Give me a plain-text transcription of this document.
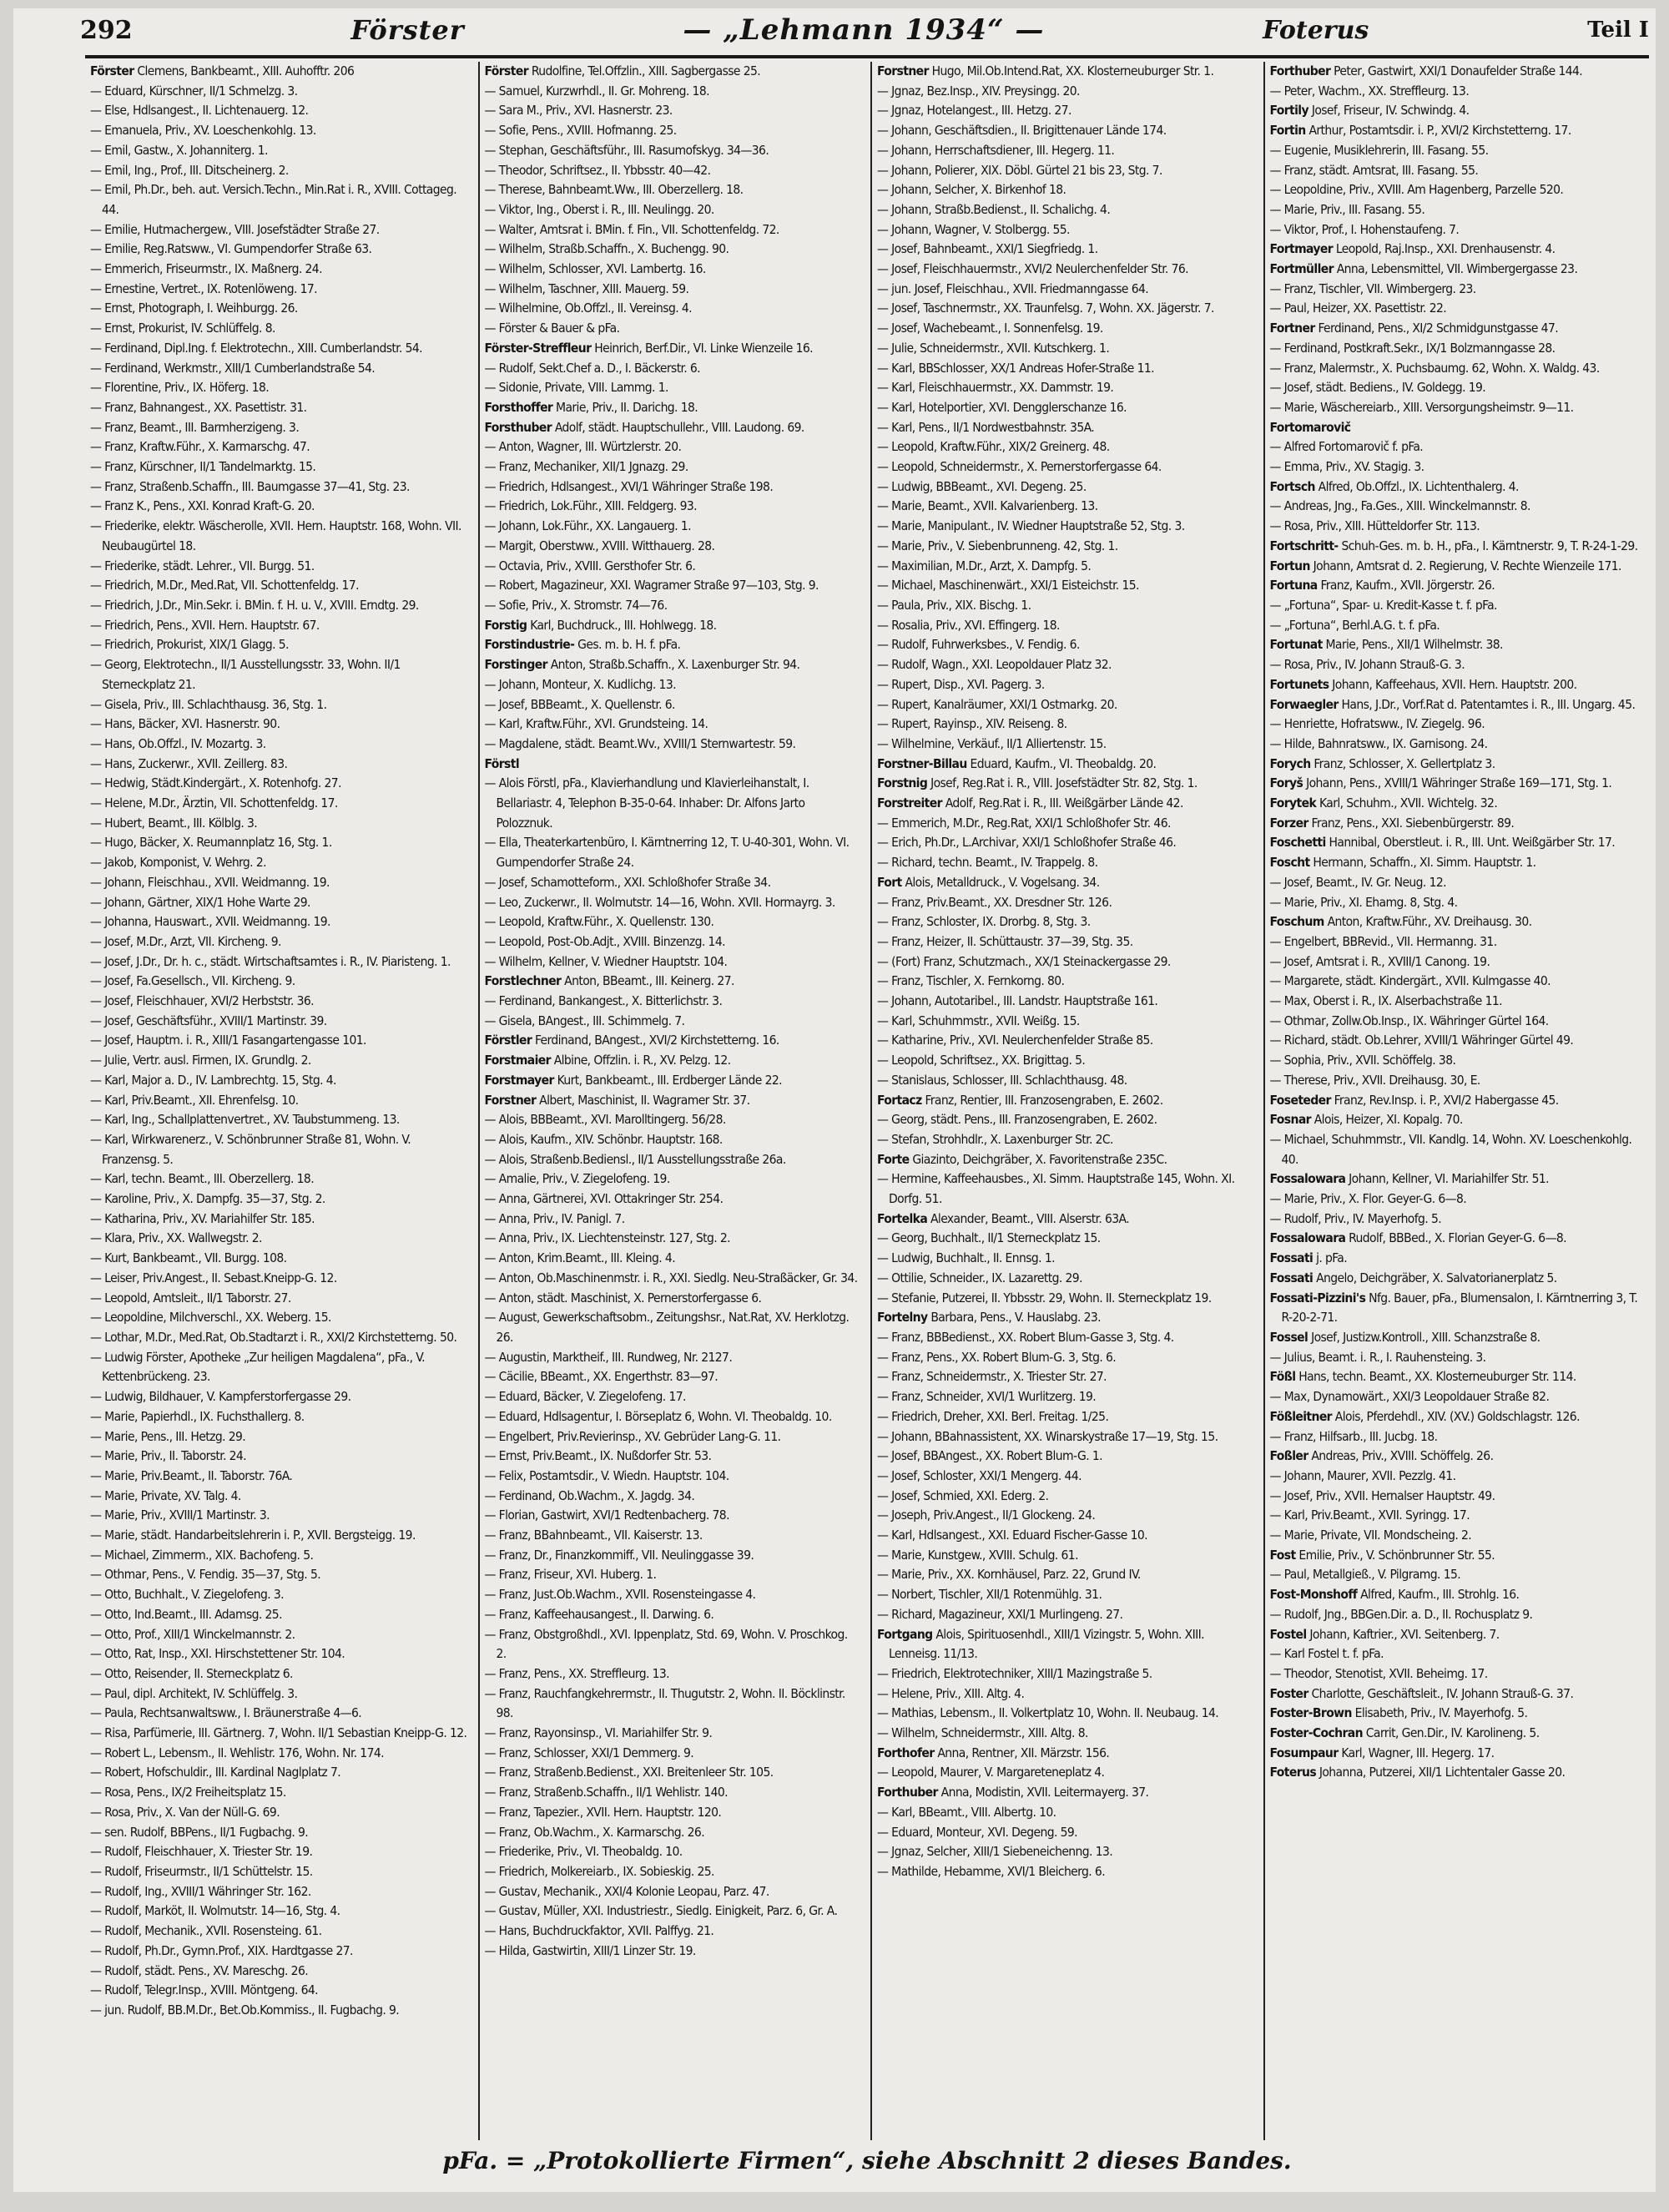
292	Förster	— „Lehmann 1934“ —	Foterus	Teil I

Förster Clemens, Bankbeamt., XIII. Auhofftr. 206

— Eduard, Kürschner, II/1 Schmelzg. 3.

— Else, Hdlsangest., II. Lichtenauerg. 12.

— Emanuela, Priv., XV. Loeschenkohlg. 13.

— Emil, Gastw., X. Johanniterg. 1.

— Emil, Ing., Prof., III. Ditscheinerg. 2.

— Emil, Ph.Dr., beh. aut. Versich.Techn., Min.Rat i. R., XVIII. Cottageg. 44.

— Emilie, Hutmachergew., VIII. Josefstädter Straße 27.

— Emilie, Reg.Ratsww., VI. Gumpendorfer Straße 63.

— Emmerich, Friseurmstr., IX. Maßnerg. 24.

— Ernestine, Vertret., IX. Rotenlöweng. 17.

— Ernst, Photograph, I. Weihburgg. 26.

— Ernst, Prokurist, IV. Schlüffelg. 8.

— Ferdinand, Dipl.Ing. f. Elektrotechn., XIII. Cumberlandstr. 54.

— Ferdinand, Werkmstr., XIII/1 Cumberlandstraße 54.

— Florentine, Priv., IX. Höferg. 18.

— Franz, Bahnangest., XX. Pasettistr. 31.

— Franz, Beamt., III. Barmherzigeng. 3.

— Franz, Kraftw.Führ., X. Karmarschg. 47.

— Franz, Kürschner, II/1 Tandelmarktg. 15.

— Franz, Straßenb.Schaffn., III. Baumgasse 37—41, Stg. 23.

— Franz K., Pens., XXI. Konrad Kraft-G. 20.

— Friederike, elektr. Wäscherolle, XVII. Hern. Hauptstr. 168, Wohn. VII. Neubaugürtel 18.

— Friederike, städt. Lehrer., VII. Burgg. 51.

— Friedrich, M.Dr., Med.Rat, VII. Schottenfeldg. 17.

— Friedrich, J.Dr., Min.Sekr. i. BMin. f. H. u. V., XVIII. Erndtg. 29.

— Friedrich, Pens., XVII. Hern. Hauptstr. 67.

— Friedrich, Prokurist, XIX/1 Glagg. 5.

— Georg, Elektrotechn., II/1 Ausstellungsstr. 33, Wohn. II/1 Sterneckplatz 21.

— Gisela, Priv., III. Schlachthausg. 36, Stg. 1.

— Hans, Bäcker, XVI. Hasnerstr. 90.

— Hans, Ob.Offzl., IV. Mozartg. 3.

— Hans, Zuckerwr., XVII. Zeillerg. 83.

— Hedwig, Städt.Kindergärt., X. Rotenhofg. 27.

— Helene, M.Dr., Ärztin, VII. Schottenfeldg. 17.

— Hubert, Beamt., III. Kölblg. 3.

— Hugo, Bäcker, X. Reumannplatz 16, Stg. 1.

— Jakob, Komponist, V. Wehrg. 2.

— Johann, Fleischhau., XVII. Weidmanng. 19.

— Johann, Gärtner, XIX/1 Hohe Warte 29.

— Johanna, Hauswart., XVII. Weidmanng. 19.

— Josef, M.Dr., Arzt, VII. Kircheng. 9.

— Josef, J.Dr., Dr. h. c., städt. Wirtschaftsamtes i. R., IV. Piaristeng. 1.

— Josef, Fa.Gesellsch., VII. Kircheng. 9.

— Josef, Fleischhauer, XVI/2 Herbststr. 36.

— Josef, Geschäftsführ., XVIII/1 Martinstr. 39.

— Josef, Hauptm. i. R., XIII/1 Fasangartengasse 101.

— Julie, Vertr. ausl. Firmen, IX. Grundlg. 2.

— Karl, Major a. D., IV. Lambrechtg. 15, Stg. 4.

— Karl, Priv.Beamt., XII. Ehrenfelsg. 10.

— Karl, Ing., Schallplattenvertret., XV. Taubstummeng. 13.

— Karl, Wirkwarenerz., V. Schönbrunner Straße 81, Wohn. V. Franzensg. 5.

— Karl, techn. Beamt., III. Oberzellerg. 18.

— Karoline, Priv., X. Dampfg. 35—37, Stg. 2.

— Katharina, Priv., XV. Mariahilfer Str. 185.

— Klara, Priv., XX. Wallwegstr. 2.

— Kurt, Bankbeamt., VII. Burgg. 108.

— Leiser, Priv.Angest., II. Sebast.Kneipp-G. 12.

— Leopold, Amtsleit., II/1 Taborstr. 27.

— Leopoldine, Milchverschl., XX. Weberg. 15.

— Lothar, M.Dr., Med.Rat, Ob.Stadtarzt i. R., XXI/2 Kirchstetterng. 50.

— Ludwig Förster, Apotheke „Zur heiligen Magdalena“, pFa., V. Kettenbrückeng. 23.

— Ludwig, Bildhauer, V. Kampferstorfergasse 29.

— Marie, Papierhdl., IX. Fuchsthallerg. 8.

— Marie, Pens., III. Hetzg. 29.

— Marie, Priv., II. Taborstr. 24.

— Marie, Priv.Beamt., II. Taborstr. 76A.

— Marie, Private, XV. Talg. 4.

— Marie, Priv., XVIII/1 Martinstr. 3.

— Marie, städt. Handarbeitslehrerin i. P., XVII. Bergsteigg. 19.

— Michael, Zimmerm., XIX. Bachofeng. 5.

— Othmar, Pens., V. Fendig. 35—37, Stg. 5.

— Otto, Buchhalt., V. Ziegelofeng. 3.

— Otto, Ind.Beamt., III. Adamsg. 25.

— Otto, Prof., XIII/1 Winckelmannstr. 2.

— Otto, Rat, Insp., XXI. Hirschstettener Str. 104.

— Otto, Reisender, II. Sterneckplatz 6.

— Paul, dipl. Architekt, IV. Schlüffelg. 3.

— Paula, Rechtsanwaltsww., I. Bräunerstraße 4—6.

— Risa, Parfümerie, III. Gärtnerg. 7, Wohn. II/1 Sebastian Kneipp-G. 12.

— Robert L., Lebensm., II. Wehlistr. 176, Wohn. Nr. 174.

— Robert, Hofschuldir., III. Kardinal Naglplatz 7.

— Rosa, Pens., IX/2 Freiheitsplatz 15.

— Rosa, Priv., X. Van der Nüll-G. 69.

— sen. Rudolf, BBPens., II/1 Fugbachg. 9.

— Rudolf, Fleischhauer, X. Triester Str. 19.

— Rudolf, Friseurmstr., II/1 Schüttelstr. 15.

— Rudolf, Ing., XVIII/1 Währinger Str. 162.

— Rudolf, Marköt, II. Wolmutstr. 14—16, Stg. 4.

— Rudolf, Mechanik., XVII. Rosensteing. 61.

— Rudolf, Ph.Dr., Gymn.Prof., XIX. Hardtgasse 27.

— Rudolf, städt. Pens., XV. Mareschg. 26.

— Rudolf, Telegr.Insp., XVIII. Möntgeng. 64.

— jun. Rudolf, BB.M.Dr., Bet.Ob.Kommiss., II. Fugbachg. 9.

Förster Rudolfine, Tel.Offzlin., XIII. Sagbergasse 25.

— Samuel, Kurzwrhdl., II. Gr. Mohreng. 18.

— Sara M., Priv., XVI. Hasnerstr. 23.

— Sofie, Pens., XVIII. Hofmanng. 25.

— Stephan, Geschäftsführ., III. Rasumofskyg. 34—36.

— Theodor, Schriftsez., II. Ybbsstr. 40—42.

— Therese, Bahnbeamt.Ww., III. Oberzellerg. 18.

— Viktor, Ing., Oberst i. R., III. Neulingg. 20.

— Walter, Amtsrat i. BMin. f. Fin., VII. Schottenfeldg. 72.

— Wilhelm, Straßb.Schaffn., X. Buchengg. 90.

— Wilhelm, Schlosser, XVI. Lambertg. 16.

— Wilhelm, Taschner, XIII. Mauerg. 59.

— Wilhelmine, Ob.Offzl., II. Vereinsg. 4.

— Förster & Bauer & pFa.

Förster-Streffleur Heinrich, Berf.Dir., VI. Linke Wienzeile 16.

— Rudolf, Sekt.Chef a. D., I. Bäckerstr. 6.

— Sidonie, Private, VIII. Lammg. 1.

Forsthoffer Marie, Priv., II. Darichg. 18.

Forsthuber Adolf, städt. Hauptschullehr., VIII. Laudong. 69.

— Anton, Wagner, III. Würtzlerstr. 20.

— Franz, Mechaniker, XII/1 Jgnazg. 29.

— Friedrich, Hdlsangest., XVI/1 Währinger Straße 198.

— Friedrich, Lok.Führ., XIII. Feldgerg. 93.

— Johann, Lok.Führ., XX. Langauerg. 1.

— Margit, Oberstww., XVIII. Witthauerg. 28.

— Octavia, Priv., XVIII. Gersthofer Str. 6.

— Robert, Magazineur, XXI. Wagramer Straße 97—103, Stg. 9.

— Sofie, Priv., X. Stromstr. 74—76.

Forstig Karl, Buchdruck., III. Hohlwegg. 18.

Forstindustrie- Ges. m. b. H. f. pFa.

Forstinger Anton, Straßb.Schaffn., X. Laxenburger Str. 94.

— Johann, Monteur, X. Kudlichg. 13.

— Josef, BBBeamt., X. Quellenstr. 6.

— Karl, Kraftw.Führ., XVI. Grundsteing. 14.

— Magdalene, städt. Beamt.Wv., XVIII/1 Sternwartestr. 59.

Förstl

— Alois Förstl, pFa., Klavierhandlung und Klavierleihanstalt, I. Bellariastr. 4, Telephon B-35-0-64. Inhaber: Dr. Alfons Jarto Polozznuk.

— Ella, Theaterkartenbüro, I. Kärntnerring 12, T. U-40-301, Wohn. VI. Gumpendorfer Straße 24.

— Josef, Schamotteform., XXI. Schloßhofer Straße 34.

— Leo, Zuckerwr., II. Wolmutstr. 14—16, Wohn. XVII. Hormayrg. 3.

— Leopold, Kraftw.Führ., X. Quellenstr. 130.

— Leopold, Post-Ob.Adjt., XVIII. Binzenzg. 14.

— Wilhelm, Kellner, V. Wiedner Hauptstr. 104.

Forstlechner Anton, BBeamt., III. Keinerg. 27.

— Ferdinand, Bankangest., X. Bitterlichstr. 3.

— Gisela, BAngest., III. Schimmelg. 7.

Förstler Ferdinand, BAngest., XVI/2 Kirchstetterng. 16.

Forstmaier Albine, Offzlin. i. R., XV. Pelzg. 12.

Forstmayer Kurt, Bankbeamt., III. Erdberger Lände 22.

Forstner Albert, Maschinist, II. Wagramer Str. 37.

— Alois, BBBeamt., XVI. Marolltingerg. 56/28.

— Alois, Kaufm., XIV. Schönbr. Hauptstr. 168.

— Alois, Straßenb.Bediensl., II/1 Ausstellungsstraße 26a.

— Amalie, Priv., V. Ziegelofeng. 19.

— Anna, Gärtnerei, XVI. Ottakringer Str. 254.

— Anna, Priv., IV. Panigl. 7.

— Anna, Priv., IX. Liechtensteinstr. 127, Stg. 2.

— Anton, Krim.Beamt., III. Kleing. 4.

— Anton, Ob.Maschinenmstr. i. R., XXI. Siedlg. Neu-Straßäcker, Gr. 34.

— Anton, städt. Maschinist, X. Pernerstorfergasse 6.

— August, Gewerkschaftsobm., Zeitungshsr., Nat.Rat, XV. Herklotzg. 26.

— Augustin, Marktheif., III. Rundweg, Nr. 2127.

— Cäcilie, BBeamt., XX. Engerthstr. 83—97.

— Eduard, Bäcker, V. Ziegelofeng. 17.

— Eduard, Hdlsagentur, I. Börseplatz 6, Wohn. VI. Theobaldg. 10.

— Engelbert, Priv.Revierinsp., XV. Gebrüder Lang-G. 11.

— Ernst, Priv.Beamt., IX. Nußdorfer Str. 53.

— Felix, Postamtsdir., V. Wiedn. Hauptstr. 104.

— Ferdinand, Ob.Wachm., X. Jagdg. 34.

— Florian, Gastwirt, XVI/1 Redtenbacherg. 78.

— Franz, BBahnbeamt., VII. Kaiserstr. 13.

— Franz, Dr., Finanzkommiff., VII. Neulinggasse 39.

— Franz, Friseur, XVI. Huberg. 1.

— Franz, Just.Ob.Wachm., XVII. Rosensteingasse 4.

— Franz, Kaffeehausangest., II. Darwing. 6.

— Franz, Obstgroßhdl., XVI. Ippenplatz, Std. 69, Wohn. V. Proschkog. 2.

— Franz, Pens., XX. Streffleurg. 13.

— Franz, Rauchfangkehrermstr., II. Thugutstr. 2, Wohn. II. Böcklinstr. 98.

— Franz, Rayonsinsp., VI. Mariahilfer Str. 9.

— Franz, Schlosser, XXI/1 Demmerg. 9.

— Franz, Straßenb.Bedienst., XXI. Breitenleer Str. 105.

— Franz, Straßenb.Schaffn., II/1 Wehlistr. 140.

— Franz, Tapezier., XVII. Hern. Hauptstr. 120.

— Franz, Ob.Wachm., X. Karmarschg. 26.

— Friederike, Priv., VI. Theobaldg. 10.

— Friedrich, Molkereiarb., IX. Sobieskig. 25.

— Gustav, Mechanik., XXI/4 Kolonie Leopau, Parz. 47.

— Gustav, Müller, XXI. Industriestr., Siedlg. Einigkeit, Parz. 6, Gr. A.

— Hans, Buchdruckfaktor, XVII. Palffyg. 21.

— Hilda, Gastwirtin, XIII/1 Linzer Str. 19.

Forstner Hugo, Mil.Ob.Intend.Rat, XX. Klosterneuburger Str. 1.

— Jgnaz, Bez.Insp., XIV. Preysingg. 20.

— Jgnaz, Hotelangest., III. Hetzg. 27.

— Johann, Geschäftsdien., II. Brigittenauer Lände 174.

— Johann, Herrschaftsdiener, III. Hegerg. 11.

— Johann, Polierer, XIX. Döbl. Gürtel 21 bis 23, Stg. 7.

— Johann, Selcher, X. Birkenhof 18.

— Johann, Straßb.Bedienst., II. Schalichg. 4.

— Johann, Wagner, V. Stolbergg. 55.

— Josef, Bahnbeamt., XXI/1 Siegfriedg. 1.

— Josef, Fleischhauermstr., XVI/2 Neulerchenfelder Str. 76.

— jun. Josef, Fleischhau., XVII. Friedmanngasse 64.

— Josef, Taschnermstr., XX. Traunfelsg. 7, Wohn. XX. Jägerstr. 7.

— Josef, Wachebeamt., I. Sonnenfelsg. 19.

— Julie, Schneidermstr., XVII. Kutschkerg. 1.

— Karl, BBSchlosser, XX/1 Andreas Hofer-Straße 11.

— Karl, Fleischhauermstr., XX. Dammstr. 19.

— Karl, Hotelportier, XVI. Dengglerschanze 16.

— Karl, Pens., II/1 Nordwestbahnstr. 35A.

— Leopold, Kraftw.Führ., XIX/2 Greinerg. 48.

— Leopold, Schneidermstr., X. Pernerstorfergasse 64.

— Ludwig, BBBeamt., XVI. Degeng. 25.

— Marie, Beamt., XVII. Kalvarienberg. 13.

— Marie, Manipulant., IV. Wiedner Hauptstraße 52, Stg. 3.

— Marie, Priv., V. Siebenbrunneng. 42, Stg. 1.

— Maximilian, M.Dr., Arzt, X. Dampfg. 5.

— Michael, Maschinenwärt., XXI/1 Eisteichstr. 15.

— Paula, Priv., XIX. Bischg. 1.

— Rosalia, Priv., XVI. Effingerg. 18.

— Rudolf, Fuhrwerksbes., V. Fendig. 6.

— Rudolf, Wagn., XXI. Leopoldauer Platz 32.

— Rupert, Disp., XVI. Pagerg. 3.

— Rupert, Kanalräumer, XXI/1 Ostmarkg. 20.

— Rupert, Rayinsp., XIV. Reiseng. 8.

— Wilhelmine, Verkäuf., II/1 Alliertenstr. 15.

Forstner-Billau Eduard, Kaufm., VI. Theobaldg. 20.

Forstnig Josef, Reg.Rat i. R., VIII. Josefstädter Str. 82, Stg. 1.

Forstreiter Adolf, Reg.Rat i. R., III. Weißgärber Lände 42.

— Emmerich, M.Dr., Reg.Rat, XXI/1 Schloßhofer Str. 46.

— Erich, Ph.Dr., L.Archivar, XXI/1 Schloßhofer Straße 46.

— Richard, techn. Beamt., IV. Trappelg. 8.

Fort Alois, Metalldruck., V. Vogelsang. 34.

— Franz, Priv.Beamt., XX. Dresdner Str. 126.

— Franz, Schloster, IX. Drorbg. 8, Stg. 3.

— Franz, Heizer, II. Schüttaustr. 37—39, Stg. 35.

— (Fort) Franz, Schutzmach., XX/1 Steinackergasse 29.

— Franz, Tischler, X. Fernkorng. 80.

— Johann, Autotaribel., III. Landstr. Hauptstraße 161.

— Karl, Schuhmmstr., XVII. Weißg. 15.

— Katharine, Priv., XVI. Neulerchenfelder Straße 85.

— Leopold, Schriftsez., XX. Brigittag. 5.

— Stanislaus, Schlosser, III. Schlachthausg. 48.

Fortacz Franz, Rentier, III. Franzosengraben, E. 2602.

— Georg, städt. Pens., III. Franzosengraben, E. 2602.

— Stefan, Strohhdlr., X. Laxenburger Str. 2C.

Forte Giazinto, Deichgräber, X. Favoritenstraße 235C.

— Hermine, Kaffeehausbes., XI. Simm. Hauptstraße 145, Wohn. XI. Dorfg. 51.

Fortelka Alexander, Beamt., VIII. Alserstr. 63A.

— Georg, Buchhalt., II/1 Sterneckplatz 15.

— Ludwig, Buchhalt., II. Ennsg. 1.

— Ottilie, Schneider., IX. Lazarettg. 29.

— Stefanie, Putzerei, II. Ybbsstr. 29, Wohn. II. Sterneckplatz 19.

Fortelny Barbara, Pens., V. Hauslabg. 23.

— Franz, BBBedienst., XX. Robert Blum-Gasse 3, Stg. 4.

— Franz, Pens., XX. Robert Blum-G. 3, Stg. 6.

— Franz, Schneidermstr., X. Triester Str. 27.

— Franz, Schneider, XVI/1 Wurlitzerg. 19.

— Friedrich, Dreher, XXI. Berl. Freitag. 1/25.

— Johann, BBahnassistent, XX. Winarskystraße 17—19, Stg. 15.

— Josef, BBAngest., XX. Robert Blum-G. 1.

— Josef, Schloster, XXI/1 Mengerg. 44.

— Josef, Schmied, XXI. Ederg. 2.

— Joseph, Priv.Angest., II/1 Glockeng. 24.

— Karl, Hdlsangest., XXI. Eduard Fischer-Gasse 10.

— Marie, Kunstgew., XVIII. Schulg. 61.

— Marie, Priv., XX. Kornhäusel, Parz. 22, Grund IV.

— Norbert, Tischler, XII/1 Rotenmühlg. 31.

— Richard, Magazineur, XXI/1 Murlingeng. 27.

Fortgang Alois, Spirituosenhdl., XIII/1 Vizingstr. 5, Wohn. XIII. Lenneisg. 11/13.

— Friedrich, Elektrotechniker, XIII/1 Mazingstraße 5.

— Helene, Priv., XIII. Altg. 4.

— Mathias, Lebensm., II. Volkertplatz 10, Wohn. II. Neubaug. 14.

— Wilhelm, Schneidermstr., XIII. Altg. 8.

Forthofer Anna, Rentner, XII. Märzstr. 156.

— Leopold, Maurer, V. Margareteneplatz 4.

Forthuber Anna, Modistin, XVII. Leitermayerg. 37.

— Karl, BBeamt., VIII. Albertg. 10.

— Eduard, Monteur, XVI. Degeng. 59.

— Jgnaz, Selcher, XIII/1 Siebeneichenng. 13.

— Mathilde, Hebamme, XVI/1 Bleicherg. 6.

Forthuber Peter, Gastwirt, XXI/1 Donaufelder Straße 144.

— Peter, Wachm., XX. Streffleurg. 13.

Fortily Josef, Friseur, IV. Schwindg. 4.

Fortin Arthur, Postamtsdir. i. P., XVI/2 Kirchstetterng. 17.

— Eugenie, Musiklehrerin, III. Fasang. 55.

— Franz, städt. Amtsrat, III. Fasang. 55.

— Leopoldine, Priv., XVIII. Am Hagenberg, Parzelle 520.

— Marie, Priv., III. Fasang. 55.

— Viktor, Prof., I. Hohenstaufeng. 7.

Fortmayer Leopold, Raj.Insp., XXI. Drenhausenstr. 4.

Fortmüller Anna, Lebensmittel, VII. Wimbergergasse 23.

— Franz, Tischler, VII. Wimbergerg. 23.

— Paul, Heizer, XX. Pasettistr. 22.

Fortner Ferdinand, Pens., XI/2 Schmidgunstgasse 47.

— Ferdinand, Postkraft.Sekr., IX/1 Bolzmanngasse 28.

— Franz, Malermstr., X. Puchsbaumg. 62, Wohn. X. Waldg. 43.

— Josef, städt. Bediens., IV. Goldegg. 19.

— Marie, Wäschereiarb., XIII. Versorgungsheimstr. 9—11.

Fortomarovič

— Alfred Fortomarovič f. pFa.

— Emma, Priv., XV. Stagig. 3.

Fortsch Alfred, Ob.Offzl., IX. Lichtenthalerg. 4.

— Andreas, Jng., Fa.Ges., XIII. Winckelmannstr. 8.

— Rosa, Priv., XIII. Hütteldorfer Str. 113.

Fortschritt- Schuh-Ges. m. b. H., pFa., I. Kärntnerstr. 9, T. R-24-1-29.

Fortun Johann, Amtsrat d. 2. Regierung, V. Rechte Wienzeile 171.

Fortuna Franz, Kaufm., XVII. Jörgerstr. 26.

— „Fortuna“, Spar- u. Kredit-Kasse t. f. pFa.

— „Fortuna“, Berhl.A.G. t. f. pFa.

Fortunat Marie, Pens., XII/1 Wilhelmstr. 38.

— Rosa, Priv., IV. Johann Strauß-G. 3.

Fortunets Johann, Kaffeehaus, XVII. Hern. Hauptstr. 200.

Forwaegler Hans, J.Dr., Vorf.Rat d. Patentamtes i. R., III. Ungarg. 45.

— Henriette, Hofratsww., IV. Ziegelg. 96.

— Hilde, Bahnratsww., IX. Garnisong. 24.

Forych Franz, Schlosser, X. Gellertplatz 3.

Foryš Johann, Pens., XVIII/1 Währinger Straße 169—171, Stg. 1.

Forytek Karl, Schuhm., XVII. Wichtelg. 32.

Forzer Franz, Pens., XXI. Siebenbürgerstr. 89.

Foschetti Hannibal, Oberstleut. i. R., III. Unt. Weißgärber Str. 17.

Foscht Hermann, Schaffn., XI. Simm. Hauptstr. 1.

— Josef, Beamt., IV. Gr. Neug. 12.

— Marie, Priv., XI. Ehamg. 8, Stg. 4.

Foschum Anton, Kraftw.Führ., XV. Dreihausg. 30.

— Engelbert, BBRevid., VII. Hermanng. 31.

— Josef, Amtsrat i. R., XVIII/1 Canong. 19.

— Margarete, städt. Kindergärt., XVII. Kulmgasse 40.

— Max, Oberst i. R., IX. Alserbachstraße 11.

— Othmar, Zollw.Ob.Insp., IX. Währinger Gürtel 164.

— Richard, städt. Ob.Lehrer, XVIII/1 Währinger Gürtel 49.

— Sophia, Priv., XVII. Schöffelg. 38.

— Therese, Priv., XVII. Dreihausg. 30, E.

Foseteder Franz, Rev.Insp. i. P., XVI/2 Habergasse 45.

Fosnar Alois, Heizer, XI. Kopalg. 70.

— Michael, Schuhmmstr., VII. Kandlg. 14, Wohn. XV. Loeschenkohlg. 40.

Fossalowara Johann, Kellner, VI. Mariahilfer Str. 51.

— Marie, Priv., X. Flor. Geyer-G. 6—8.

— Rudolf, Priv., IV. Mayerhofg. 5.

Fossalowara Rudolf, BBBed., X. Florian Geyer-G. 6—8.

Fossati j. pFa.

Fossati Angelo, Deichgräber, X. Salvatorianerplatz 5.

Fossati-Pizzini's Nfg. Bauer, pFa., Blumensalon, I. Kärntnerring 3, T. R-20-2-71.

Fossel Josef, Justizw.Kontroll., XIII. Schanzstraße 8.

— Julius, Beamt. i. R., I. Rauhensteing. 3.

Fößl Hans, techn. Beamt., XX. Klosterneuburger Str. 114.

— Max, Dynamowärt., XXI/3 Leopoldauer Straße 82.

Fößleitner Alois, Pferdehdl., XIV. (XV.) Goldschlagstr. 126.

— Franz, Hilfsarb., III. Jucbg. 18.

Foßler Andreas, Priv., XVIII. Schöffelg. 26.

— Johann, Maurer, XVII. Pezzlg. 41.

— Josef, Priv., XVII. Hernalser Hauptstr. 49.

— Karl, Priv.Beamt., XVII. Syringg. 17.

— Marie, Private, VII. Mondscheing. 2.

Fost Emilie, Priv., V. Schönbrunner Str. 55.

— Paul, Metallgieß., V. Pilgramg. 15.

Fost-Monshoff Alfred, Kaufm., III. Strohlg. 16.

— Rudolf, Jng., BBGen.Dir. a. D., II. Rochusplatz 9.

Fostel Johann, Kaftrier., XVI. Seitenberg. 7.

— Karl Fostel t. f. pFa.

— Theodor, Stenotist, XVII. Beheimg. 17.

Foster Charlotte, Geschäftsleit., IV. Johann Strauß-G. 37.

Foster-Brown Elisabeth, Priv., IV. Mayerhofg. 5.

Foster-Cochran Carrit, Gen.Dir., IV. Karolineng. 5.

Fosumpaur Karl, Wagner, III. Hegerg. 17.

Foterus Johanna, Putzerei, XII/1 Lichtentaler Gasse 20.

pFa. = „Protokollierte Firmen“, siehe Abschnitt 2 dieses Bandes.
